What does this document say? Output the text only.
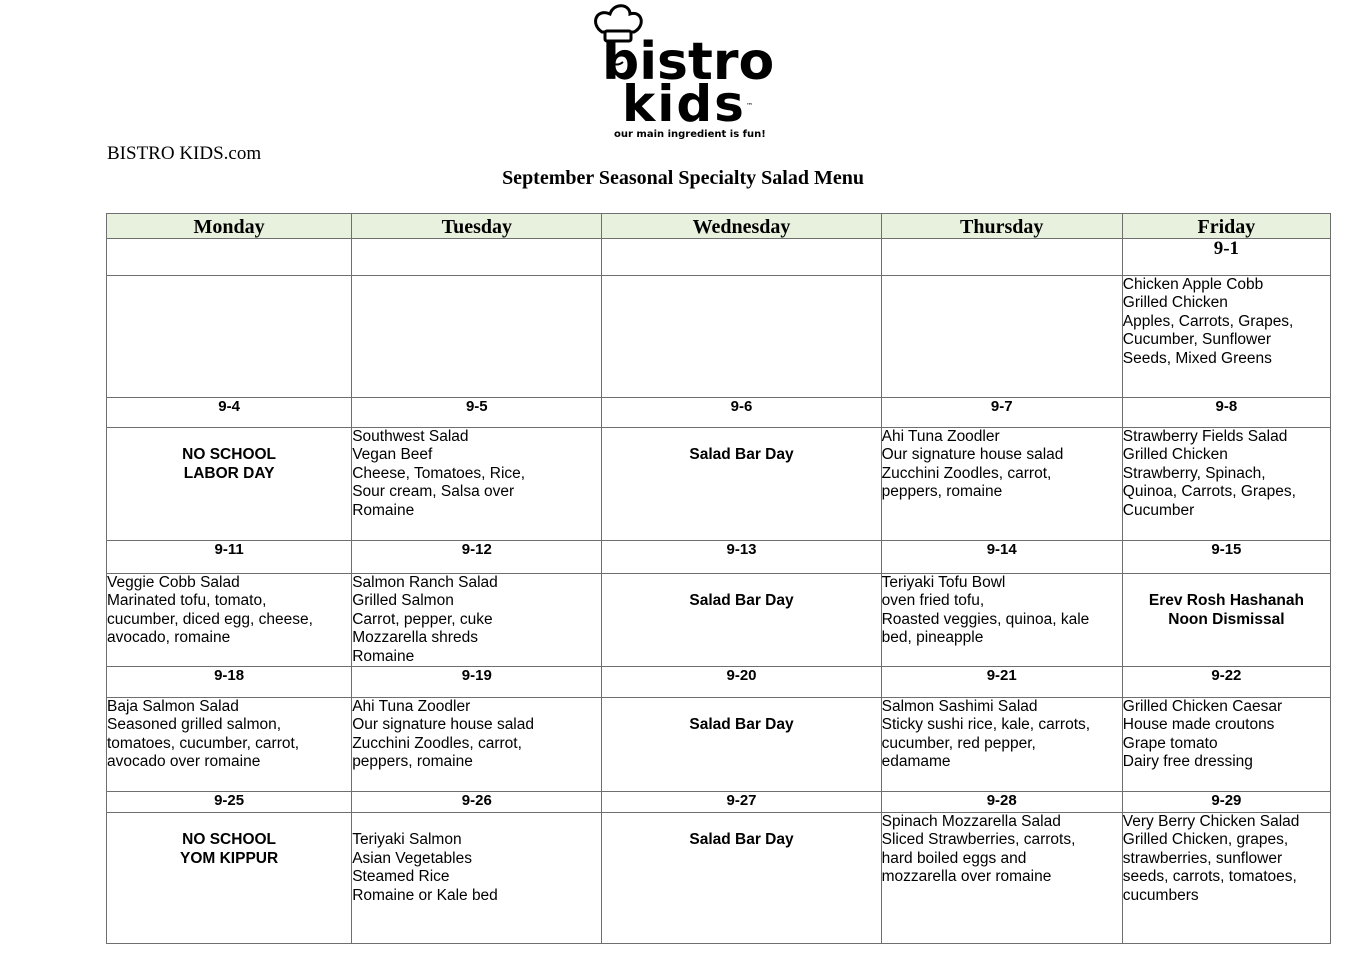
bistro
kids ™
our main ingredient is fun!
BISTRO KIDS.com
September Seasonal Specialty Salad Menu
Monday	Tuesday	Wednesday	Thursday	Friday
				9-1

				Chicken Apple Cobb
Grilled Chicken
Apples, Carrots, Grapes,
Cucumber, Sunflower
Seeds, Mixed Greens

9-4	9-5	9-6	9-7	9-8

NO SCHOOL
LABOR DAY	Southwest Salad
Vegan Beef
Cheese, Tomatoes, Rice,
Sour cream, Salsa over
Romaine	Salad Bar Day	Ahi Tuna Zoodler
Our signature house salad
Zucchini Zoodles, carrot,
peppers, romaine	Strawberry Fields Salad
Grilled Chicken
Strawberry, Spinach,
Quinoa, Carrots, Grapes,
Cucumber

9-11	9-12	9-13	9-14	9-15

Veggie Cobb Salad
Marinated tofu, tomato,
cucumber, diced egg, cheese,
avocado, romaine	Salmon Ranch Salad
Grilled Salmon
Carrot, pepper, cuke
Mozzarella shreds
Romaine	Salad Bar Day	Teriyaki Tofu Bowl
oven fried tofu,
Roasted veggies, quinoa, kale
bed, pineapple	Erev Rosh Hashanah
Noon Dismissal

9-18	9-19	9-20	9-21	9-22

Baja Salmon Salad
Seasoned grilled salmon,
tomatoes, cucumber, carrot,
avocado over romaine	Ahi Tuna Zoodler
Our signature house salad
Zucchini Zoodles, carrot,
peppers, romaine	Salad Bar Day	Salmon Sashimi Salad
Sticky sushi rice, kale, carrots,
cucumber, red pepper,
edamame	Grilled Chicken Caesar
House made croutons
Grape tomato
Dairy free dressing

9-25	9-26	9-27	9-28	9-29

NO SCHOOL
YOM KIPPUR	Teriyaki Salmon
Asian Vegetables
Steamed Rice
Romaine or Kale bed	Salad Bar Day	Spinach Mozzarella Salad
Sliced Strawberries, carrots,
hard boiled eggs and
mozzarella over romaine	Very Berry Chicken Salad
Grilled Chicken, grapes,
strawberries, sunflower
seeds, carrots, tomatoes,
cucumbers
